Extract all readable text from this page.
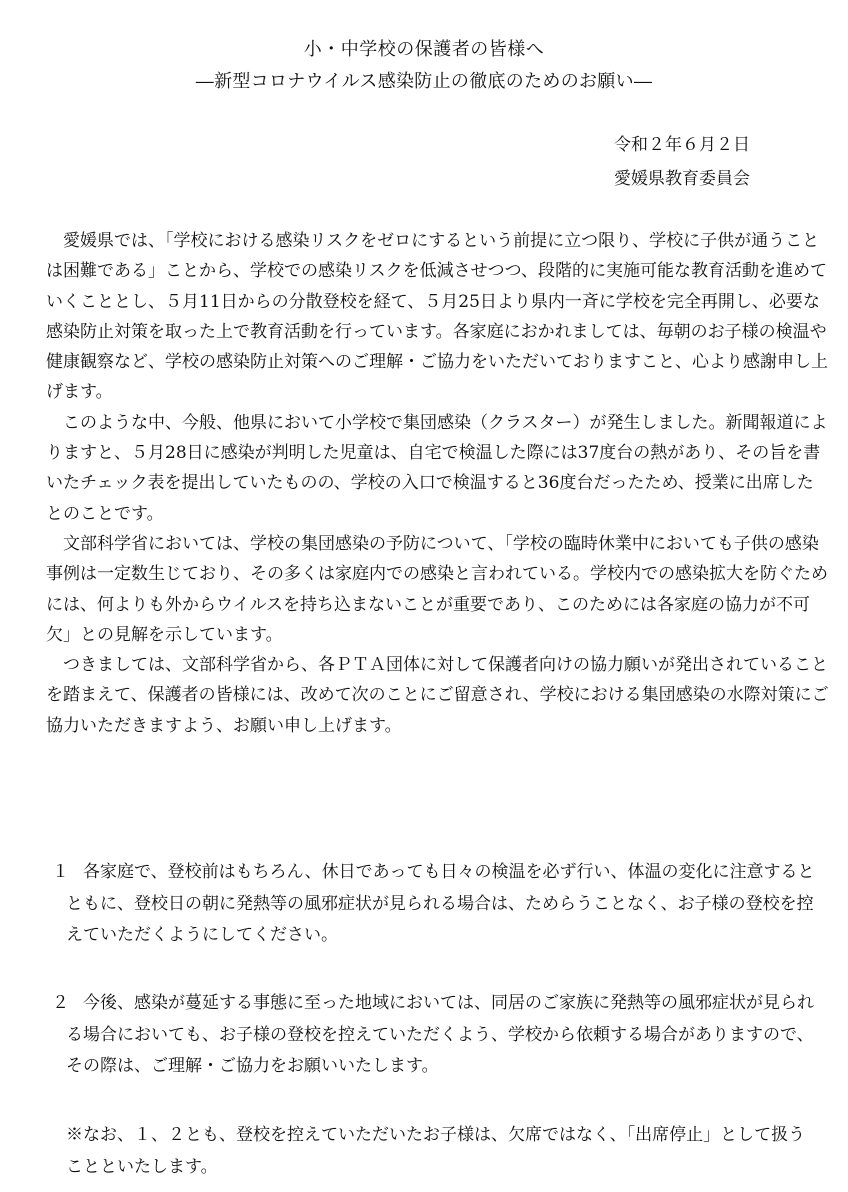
小・中学校の保護者の皆様へ
―新型コロナウイルス感染防止の徹底のためのお願い―
令和２年６月２日
愛媛県教育委員会

愛媛県では、「学校における感染リスクをゼロにするという前提に立つ限り、学校に子供が通うことは困難である」ことから、学校での感染リスクを低減させつつ、段階的に実施可能な教育活動を進めていくこととし、５月11日からの分散登校を経て、５月25日より県内一斉に学校を完全再開し、必要な感染防止対策を取った上で教育活動を行っています。各家庭におかれましては、毎朝のお子様の検温や健康観察など、学校の感染防止対策へのご理解・ご協力をいただいておりますこと、心より感謝申し上げます。

このような中、今般、他県において小学校で集団感染（クラスター）が発生しました。新聞報道によりますと、５月28日に感染が判明した児童は、自宅で検温した際には37度台の熱があり、その旨を書いたチェック表を提出していたものの、学校の入口で検温すると36度台だったため、授業に出席したとのことです。

文部科学省においては、学校の集団感染の予防について、「学校の臨時休業中においても子供の感染事例は一定数生じており、その多くは家庭内での感染と言われている。学校内での感染拡大を防ぐためには、何よりも外からウイルスを持ち込まないことが重要であり、このためには各家庭の協力が不可欠」との見解を示しています。

つきましては、文部科学省から、各ＰＴＡ団体に対して保護者向けの協力願いが発出されていることを踏まえて、保護者の皆様には、改めて次のことにご留意され、学校における集団感染の水際対策にご協力いただきますよう、お願い申し上げます。

１ 各家庭で、登校前はもちろん、休日であっても日々の検温を必ず行い、体温の変化に注意するとともに、登校日の朝に発熱等の風邪症状が見られる場合は、ためらうことなく、お子様の登校を控えていただくようにしてください。
２ 今後、感染が蔓延する事態に至った地域においては、同居のご家族に発熱等の風邪症状が見られる場合においても、お子様の登校を控えていただくよう、学校から依頼する場合がありますので、その際は、ご理解・ご協力をお願いいたします。
※なお、１、２とも、登校を控えていただいたお子様は、欠席ではなく、「出席停止」として扱うことといたします。
